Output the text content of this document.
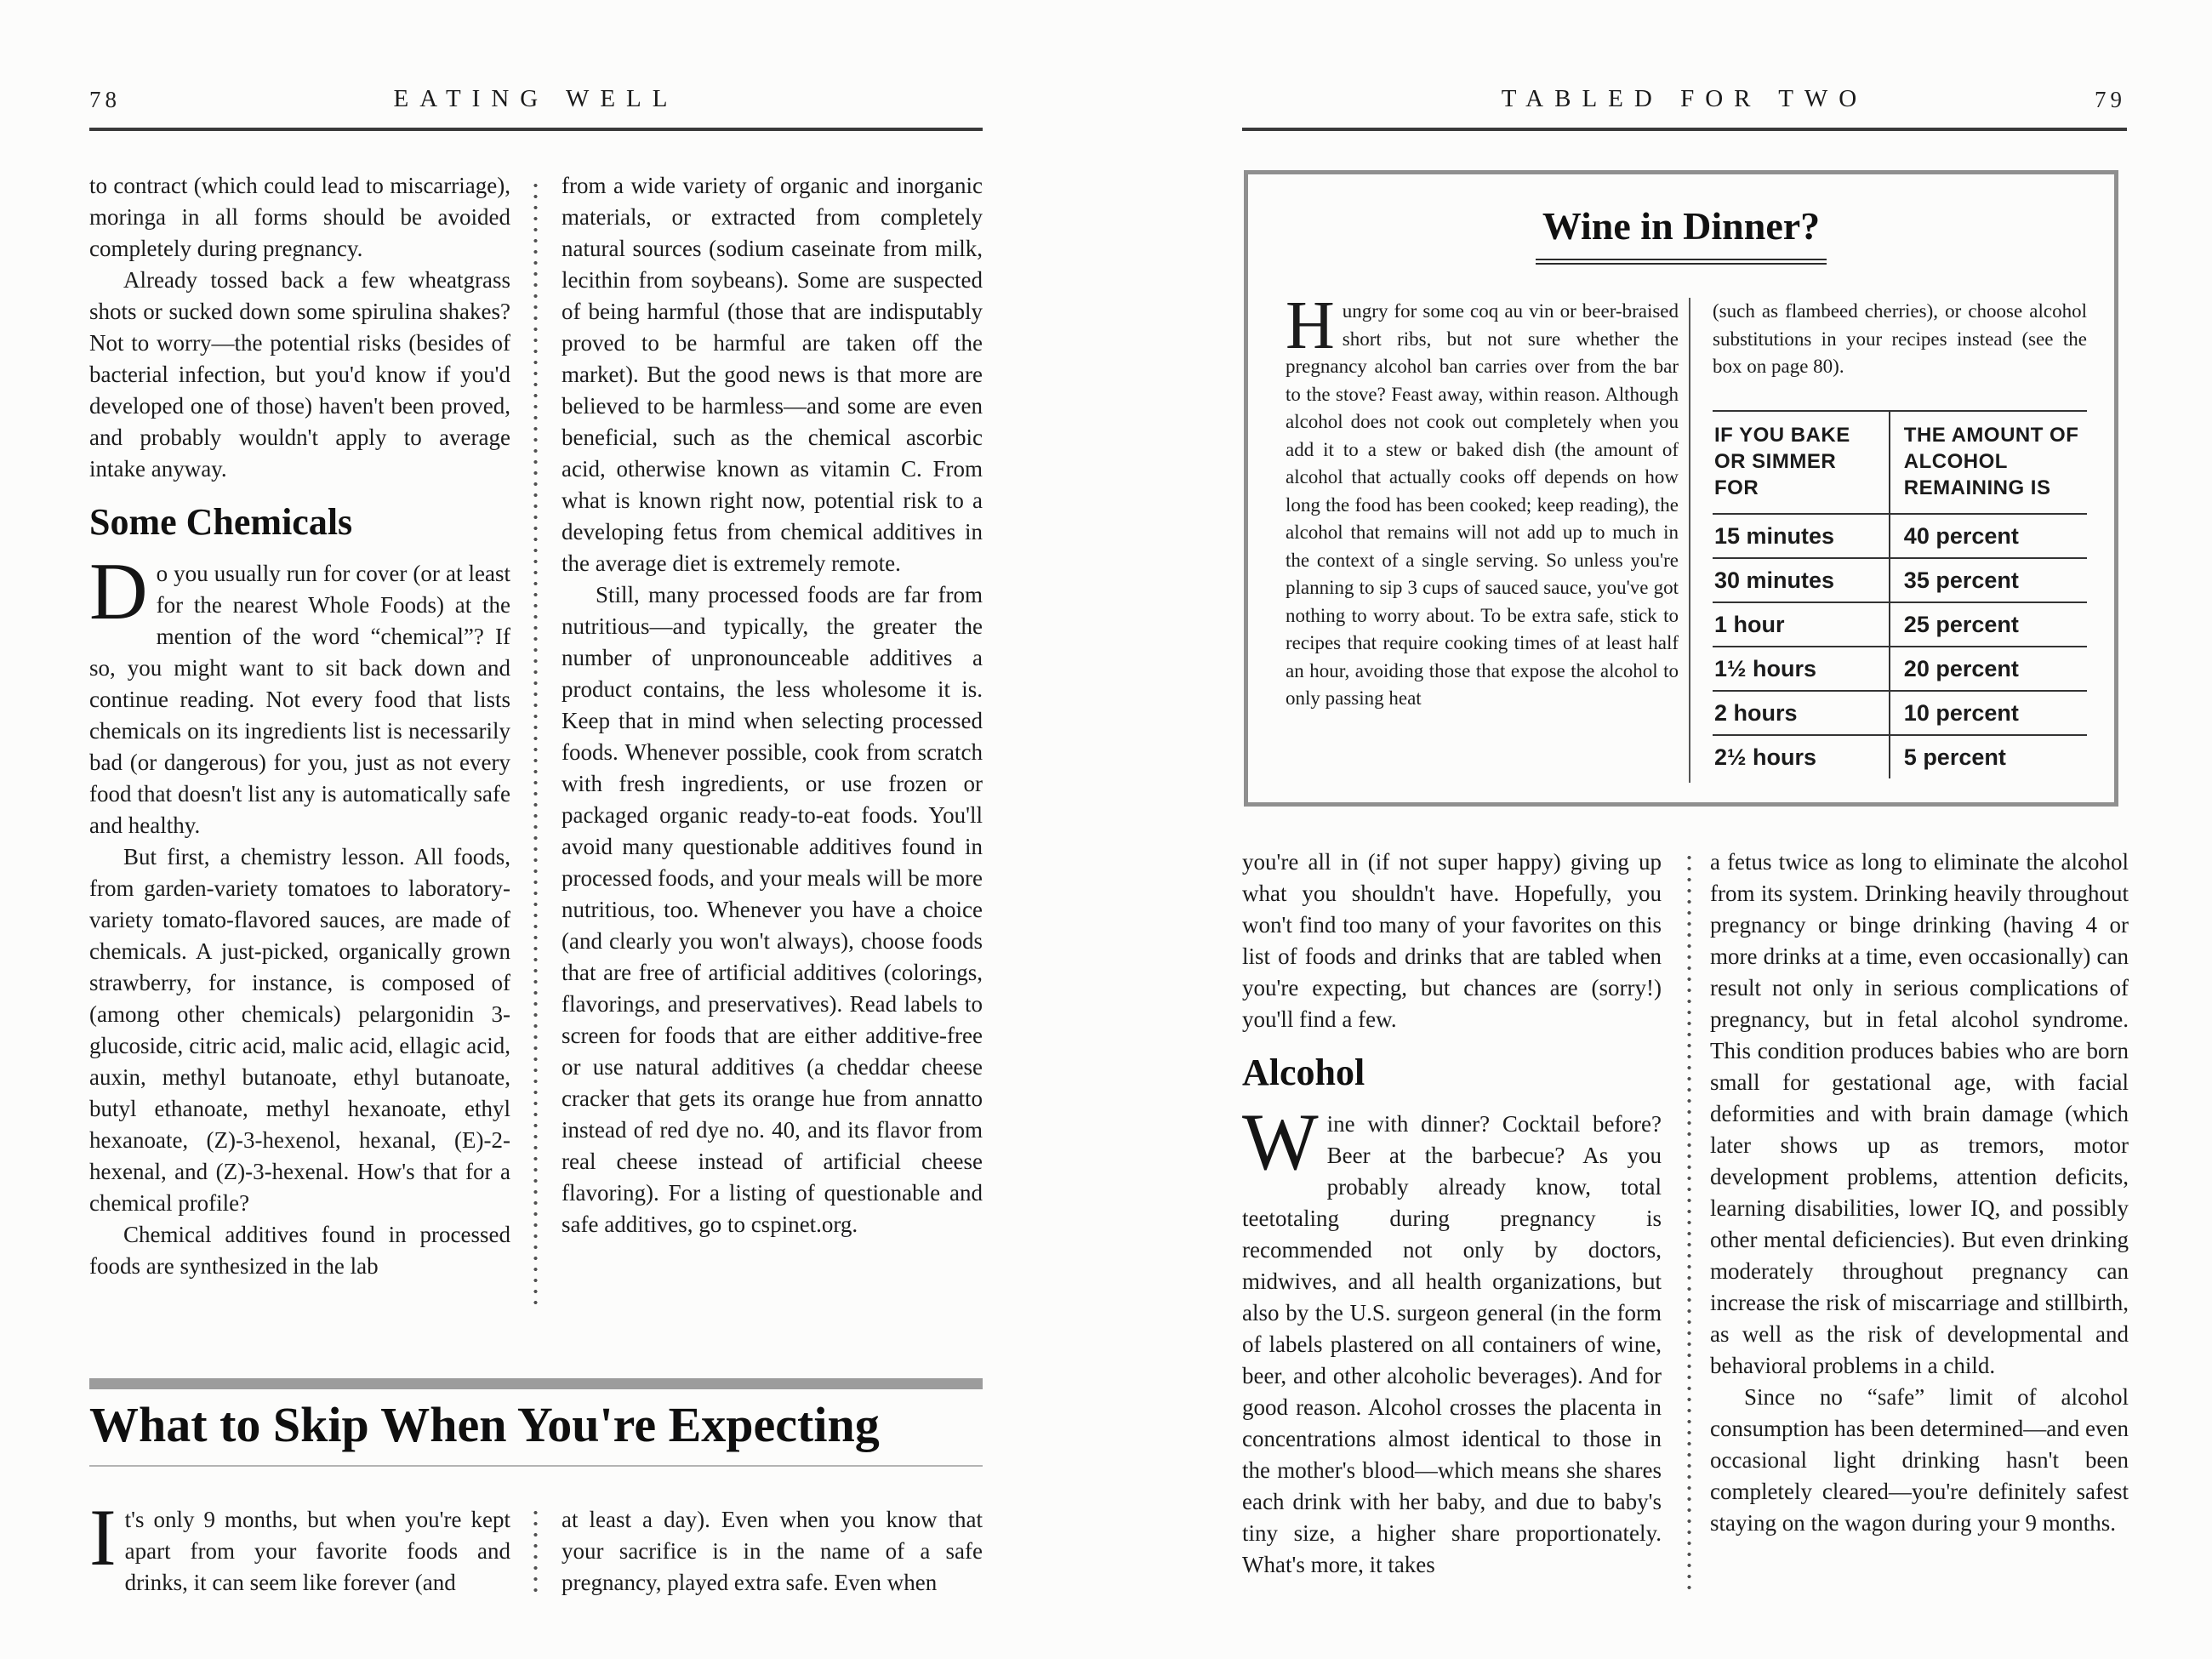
78	EATING WELL

to contract (which could lead to miscarriage), moringa in all forms should be avoided completely during pregnancy.

Already tossed back a few wheatgrass shots or sucked down some spirulina shakes? Not to worry—the potential risks (besides of bacterial infection, but you'd know if you'd developed one of those) haven't been proved, and probably wouldn't apply to average intake anyway.

Some Chemicals

Do you usually run for cover (or at least for the nearest Whole Foods) at the mention of the word “chemical”? If so, you might want to sit back down and continue reading. Not every food that lists chemicals on its ingredients list is necessarily bad (or dangerous) for you, just as not every food that doesn't list any is automatically safe and healthy.

But first, a chemistry lesson. All foods, from garden-variety tomatoes to laboratory-variety tomato-flavored sauces, are made of chemicals. A just-picked, organically grown strawberry, for instance, is composed of (among other chemicals) pelargonidin 3-glucoside, citric acid, malic acid, ellagic acid, auxin, methyl butanoate, ethyl butanoate, butyl ethanoate, methyl hexanoate, ethyl hexanoate, (Z)-3-hexenol, hexanal, (E)-2-hexenal, and (Z)-3-hexenal. How's that for a chemical profile?

Chemical additives found in processed foods are synthesized in the lab

from a wide variety of organic and inorganic materials, or extracted from completely natural sources (sodium caseinate from milk, lecithin from soybeans). Some are suspected of being harmful (those that are indisputably proved to be harmful are taken off the market). But the good news is that more are believed to be harmless—and some are even beneficial, such as the chemical ascorbic acid, otherwise known as vitamin C. From what is known right now, potential risk to a developing fetus from chemical additives in the average diet is extremely remote.

Still, many processed foods are far from nutritious—and typically, the greater the number of unpronounceable additives a product contains, the less wholesome it is. Keep that in mind when selecting processed foods. Whenever possible, cook from scratch with fresh ingredients, or use frozen or packaged organic ready-to-eat foods. You'll avoid many questionable additives found in processed foods, and your meals will be more nutritious, too. Whenever you have a choice (and clearly you won't always), choose foods that are free of artificial additives (colorings, flavorings, and preservatives). Read labels to screen for foods that are either additive-free or use natural additives (a cheddar cheese cracker that gets its orange hue from annatto instead of red dye no. 40, and its flavor from real cheese instead of artificial cheese flavoring). For a listing of questionable and safe additives, go to cspinet.org.

What to Skip When You're Expecting

It's only 9 months, but when you're kept apart from your favorite foods and drinks, it can seem like forever (and

at least a day). Even when you know that your sacrifice is in the name of a safe pregnancy, played extra safe. Even when

TABLED FOR TWO	79
Wine in Dinner?

Hungry for some coq au vin or beer-braised short ribs, but not sure whether the pregnancy alcohol ban carries over from the bar to the stove? Feast away, within reason. Although alcohol does not cook out completely when you add it to a stew or baked dish (the amount of alcohol that actually cooks off depends on how long the food has been cooked; keep reading), the alcohol that remains will not add up to much in the context of a single serving. So unless you're planning to sip 3 cups of sauced sauce, you've got nothing to worry about. To be extra safe, stick to recipes that require cooking times of at least half an hour, avoiding those that expose the alcohol to only passing heat

(such as flambeed cherries), or choose alcohol substitutions in your recipes instead (see the box on page 80).

IF YOU BAKE OR SIMMER FOR
THE AMOUNT OF ALCOHOL REMAINING IS
15 minutes	40 percent
30 minutes	35 percent
1 hour	25 percent
1½ hours	20 percent
2 hours	10 percent
2½ hours	5 percent

you're all in (if not super happy) giving up what you shouldn't have. Hopefully, you won't find too many of your favorites on this list of foods and drinks that are tabled when you're expecting, but chances are (sorry!) you'll find a few.

Alcohol

Wine with dinner? Cocktail before? Beer at the barbecue? As you probably already know, total teetotaling during pregnancy is recommended not only by doctors, midwives, and all health organizations, but also by the U.S. surgeon general (in the form of labels plastered on all containers of wine, beer, and other alcoholic beverages). And for good reason. Alcohol crosses the placenta in concentrations almost identical to those in the mother's blood—which means she shares each drink with her baby, and due to baby's tiny size, a higher share proportionately. What's more, it takes

a fetus twice as long to eliminate the alcohol from its system. Drinking heavily throughout pregnancy or binge drinking (having 4 or more drinks at a time, even occasionally) can result not only in serious complications of pregnancy, but in fetal alcohol syndrome. This condition produces babies who are born small for gestational age, with facial deformities and with brain damage (which later shows up as tremors, motor development problems, attention deficits, learning disabilities, lower IQ, and possibly other mental deficiencies). But even drinking moderately throughout pregnancy can increase the risk of miscarriage and stillbirth, as well as the risk of developmental and behavioral problems in a child.

Since no “safe” limit of alcohol consumption has been determined—and even occasional light drinking hasn't been completely cleared—you're definitely safest staying on the wagon during your 9 months.
